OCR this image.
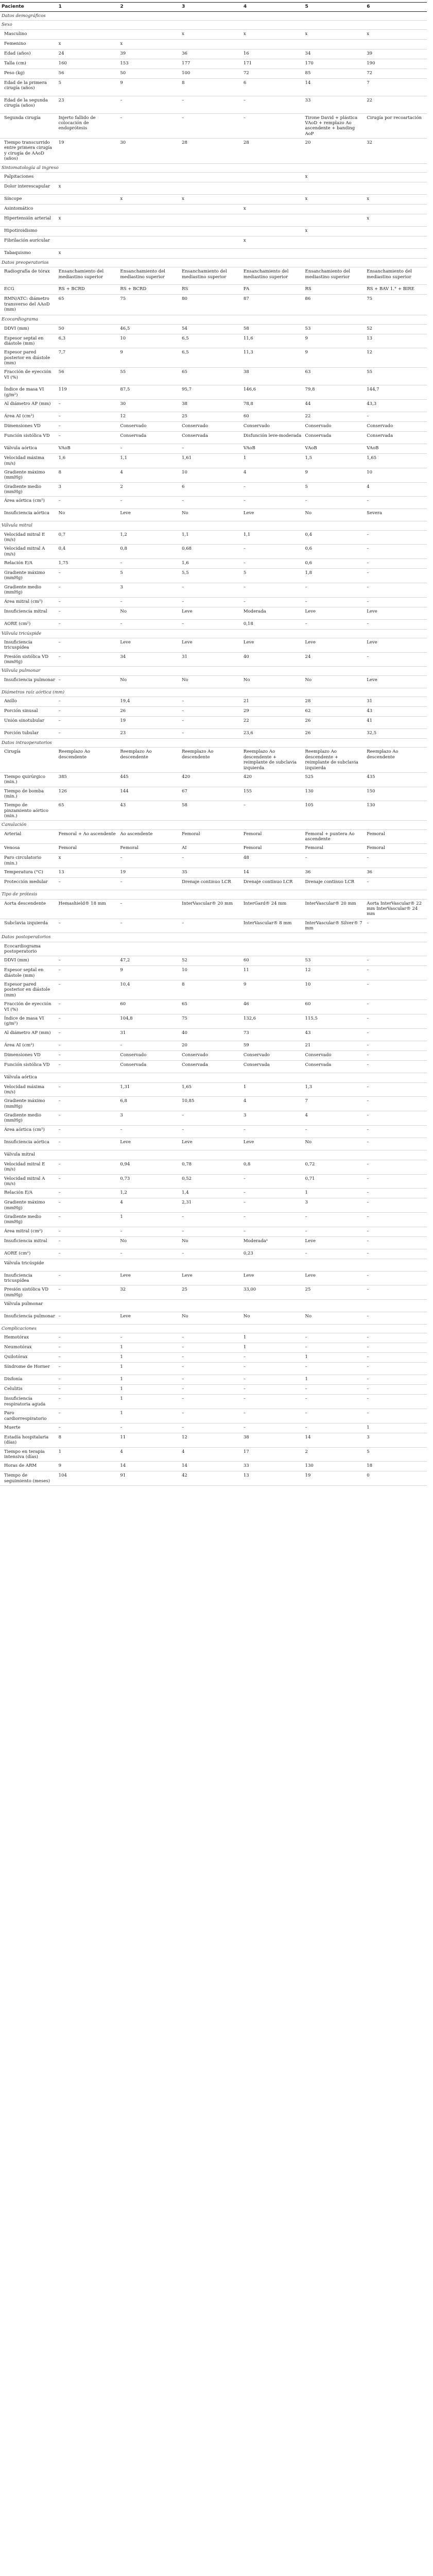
Paciente	1	2	3	4	5	6
Datos demográficos						
Sexo						
Masculino			x	x	x	x
Femenino	x	x				
Edad (años)	24	39	36	16	34	39
Talla (cm)	160	153	177	171	170	190
Peso (kg)	56	50	100	72	85	72
Edad de la primera cirugía (años)	5	9	8	6	14	7
Edad de la segunda cirugía (años)	23	–	–	–	33	22
Segunda cirugía	Injerto fallido de colocación de endoprótesis	–	–	–	Tirone David + plástica VAoD + remplazo Ao ascendente + banding AoP	Cirugía por recoartación
Tiempo transcurrido entre primera cirugía y cirugía de AAoD (años)	19	30	28	28	20	32
Sintomatología al ingreso						
Palpitaciones					x	
Dolor interescapular	x					
Síncope		x	x		x	x
Asintomático				x		
Hipertensión arterial	x					x
Hipotiroidismo					x	
Fibrilación auricular				x		
Tabaquismo	x					
Datos preoperatorios						
Radiografía de tórax	Ensanchamiento del mediastino superior	Ensanchamiento del mediastino superior	Ensanchamiento del mediastino superior	Ensanchamiento del mediastino superior	Ensanchamiento del mediastino superior	Ensanchamiento del mediastino superior
ECG	RS + BCRD	RS + BCRD	RS	FA	RS	RS + BAV 1.° + BIRE
RMN/ATC: diámetro transverso del AAoD (mm)	65	75	80	87	86	75
Ecocardiograma						
DDVI (mm)	50	46,5	54	58	53	52
Espesor septal en diástole (mm)	6,3	10	6,5	11,6	9	13
Espesor pared posterior en diástole (mm)	7,7	9	6,5	11,3	9	12
Fracción de eyección VI (%)	56	55	65	38	63	55
Índice de masa VI (g/m²)	119	87,5	95,7	146,6	79,8	144,7
Al diámetro AP (mm)	–	30	38	78,8	44	43,3
Área AI (cm²)	–	12	25	60	22	–
Dimensiones VD	–	Conservado	Conservado	Conservado	Conservado	Conservado
Función sistólica VD	–	Conservada	Conservada	Disfunción leve-moderada	Conservada	Conservada
Válvula aórtica	VAoB	–	–	VAoB	VAoB	VAoB
Velocidad máxima (m/s)	1,6	1,1	1,61	1	1,5	1,65
Gradiente máximo (mmHg)	8	4	10	4	9	10
Gradiente medio (mmHg)	3	2	6	–	5	4
Área aórtica (cm²)	–	–	–	–	–	–
Insuficiencia aórtica	No	Leve	No	Leve	No	Severa
Válvula mitral						
Velocidad mitral E (m/s)	0,7	1,2	1,1	1,1	0,4	–
Velocidad mitral A (m/s)	0,4	0,8	0,68	–	0,6	–
Relación E/A	1,75	–	1,6	–	0,6	–
Gradiente máximo (mmHg)	–	5	5,5	5	1,8	–
Gradiente medio (mmHg)	–	3	–	–	–	–
Área mitral (cm²)	–	–	–	–	–	–
Insuficiencia mitral	–	No	Leve	Moderada	Leve	Leve
AORE (cm²)	–	–	–	0,18	–	–
Válvula tricúspide						
Insuficiencia tricuspídea	–	Leve	Leve	Leve	Leve	Leve
Presión sistólica VD (mmHg)	–	34	31	40	24	–
Válvula pulmonar						
Insuficiencia pulmonar	–	No	No	No	No	Leve
Diámetros raíz aórtica (mm)						
Anillo	–	19,4	–	21	28	31
Porción sinusal	–	26	–	29	62	43
Unión sinotubular	–	19	–	22	26	41
Porción tubular	–	23	–	23,6	26	32,5
Datos intraoperatorios						
Cirugía	Reemplazo Ao descendente	Reemplazo Ao descendente	Reemplazo Ao descendente	Reemplazo Ao descendente + reimplante de subclavia izquierda	Reemplazo Ao descendente + reimplante de subclavia izquierda	Reemplazo Ao descendente
Tiempo quirúrgico (min.)	385	445	420	420	525	435
Tiempo de bomba (min.)	126	144	67	155	130	150
Tiempo de pinzamiento aórtico (min.)	65	43	58	–	105	130
Canulación						
Arterial	Femoral + Ao ascendente	Ao ascendente	Femoral	Femoral	Femoral + puntera Ao ascendente	Femoral
Venosa	Femoral	Femoral	AI	Femoral	Femoral	Femoral
Paro circulatorio (min.)	x	–	–	48	–	–
Temperatura (°C)	13	19	35	14	36	36
Protección medular	–	–	Drenaje continuo LCR	Drenaje continuo LCR	Drenaje continuo LCR	–
Tipo de prótesis						
Aorta descendente	Hemashield® 18 mm	–	InterVascular® 20 mm	InterGard® 24 mm	InterVascular® 20 mm	Aorta InterVascular® 22 mm InterVascular® 24 mm
Subclavia izquierda	–	–	–	InterVascular® 8 mm	InterVascular® Silver® 7 mm	–
Datos postoperatorios						
Ecocardiograma postoperatorio						
DDVI (mm)	–	47,2	52	60	53	–
Espesor septal en diástole (mm)	–	9	10	11	12	–
Espesor pared posterior en diástole (mm)	–	10,4	8	9	10	–
Fracción de eyección VI (%)	–	60	65	46	60	–
Índice de masa VI (g/m²)	–	104,8	75	132,6	115,5	–
Al diámetro AP (mm)	–	31	40	73	43	–
Área AI (cm²)	–	–	20	59	21	–
Dimensiones VD	–	Conservado	Conservado	Conservado	Conservado	–
Función sistólica VD	–	Conservada	Conservada	Conservada	Conservada	–
Válvula aórtica						
Velocidad máxima (m/s)	–	1,31	1,65	1	1,3	–
Gradiente máximo (mmHg)	–	6,8	10,85	4	7	–
Gradiente medio (mmHg)	–	3	–	3	4	–
Área aórtica (cm²)	–	–	–	–	–	–
Insuficiencia aórtica	–	Leve	Leve	Leve	No	–
Válvula mitral						
Velocidad mitral E (m/s)	–	0,94	0,78	0,8	0,72	–
Velocidad mitral A (m/s)	–	0,73	0,52	–	0,71	–
Relación E/A	–	1,2	1,4	–	1	–
Gradiente máximo (mmHg)	–	4	2,31	–	3	–
Gradiente medio (mmHg)	–	1	–	–	–	–
Área mitral (cm²)	–	–	–	–	–	–
Insuficiencia mitral	–	No	No	Moderadaᵃ	Leve	–
AORE (cm²)	–	–	–	0,23	–	–
Válvula tricúspide						
Insuficiencia tricuspídea	–	Leve	Leve	Leve	Leve	–
Presión sistólica VD (mmHg)	–	32	25	33,00	25	–
Válvula pulmonar						
Insuficiencia pulmonar	–	Leve	No	No	No	–
Complicaciones						
Hemotórax	–	–	–	1	–	–
Neumotórax	–	1	–	1	–	–
Quilotórax	–	1	–	–	1	–
Síndrome de Horner	–	1	–	–	–	–
Disfonía	–	1	–	–	1	–
Celulitis	–	1	–	–	–	–
Insuficiencia respiratoria aguda	–	1	–	–	–	–
Paro cardiorrespiratorio	–	1	–	–	–	–
Muerte	–	–	–	–	–	1
Estadía hospitalaria (días)	8	11	12	38	14	3
Tiempo en terapia intensiva (días)	1	4	4	17	2	5
Horas de ARM	9	14	14	33	130	18
Tiempo de seguimiento (meses)	104	91	42	13	19	0
